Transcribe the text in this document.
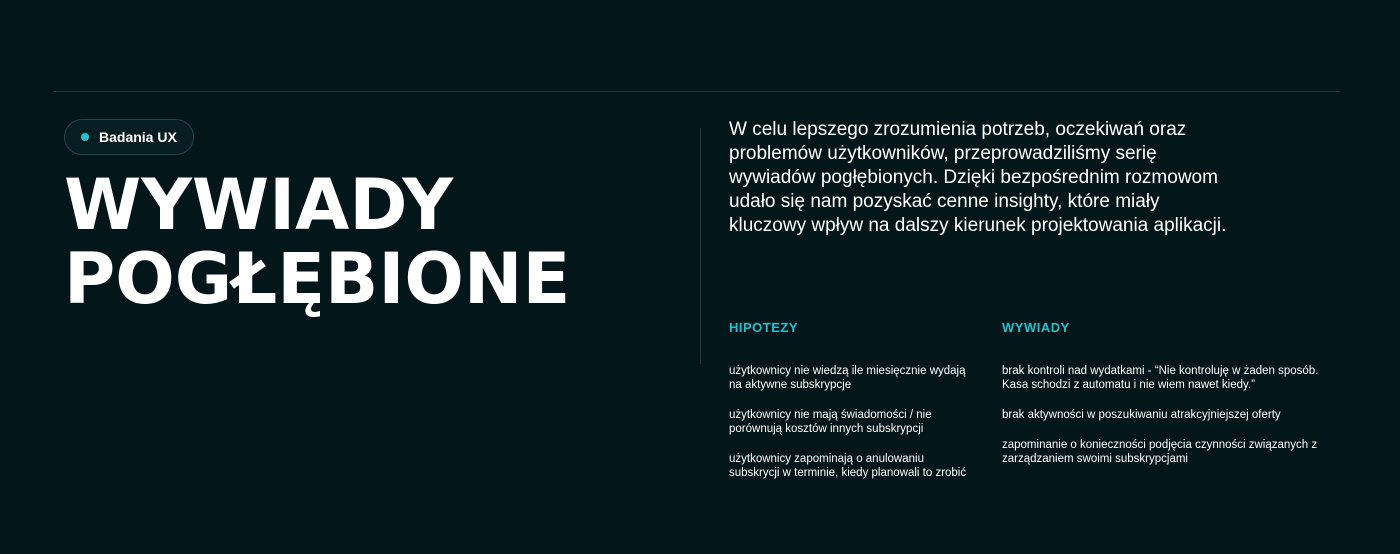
Badania UX
WYWIADY
POGŁĘBIONE

W celu lepszego zrozumienia potrzeb, oczekiwań oraz problemów użytkowników, przeprowadziliśmy serię wywiadów pogłębionych. Dzięki bezpośrednim rozmowom udało się nam pozyskać cenne insighty, które miały kluczowy wpływ na dalszy kierunek projektowania aplikacji.

HIPOTEZY

użytkownicy nie wiedzą ile miesięcznie wydają na aktywne subskrypcje

użytkownicy nie mają świadomości / nie porównują kosztów innych subskrypcji

użytkownicy zapominają o anulowaniu subskrycji w terminie, kiedy planowali to zrobić

WYWIADY

brak kontroli nad wydatkami - “Nie kontroluję w żaden sposób. Kasa schodzi z automatu i nie wiem nawet kiedy.”

brak aktywności w poszukiwaniu atrakcyjniejszej oferty

zapominanie o konieczności podjęcia czynności związanych z zarządzaniem swoimi subskrypcjami
